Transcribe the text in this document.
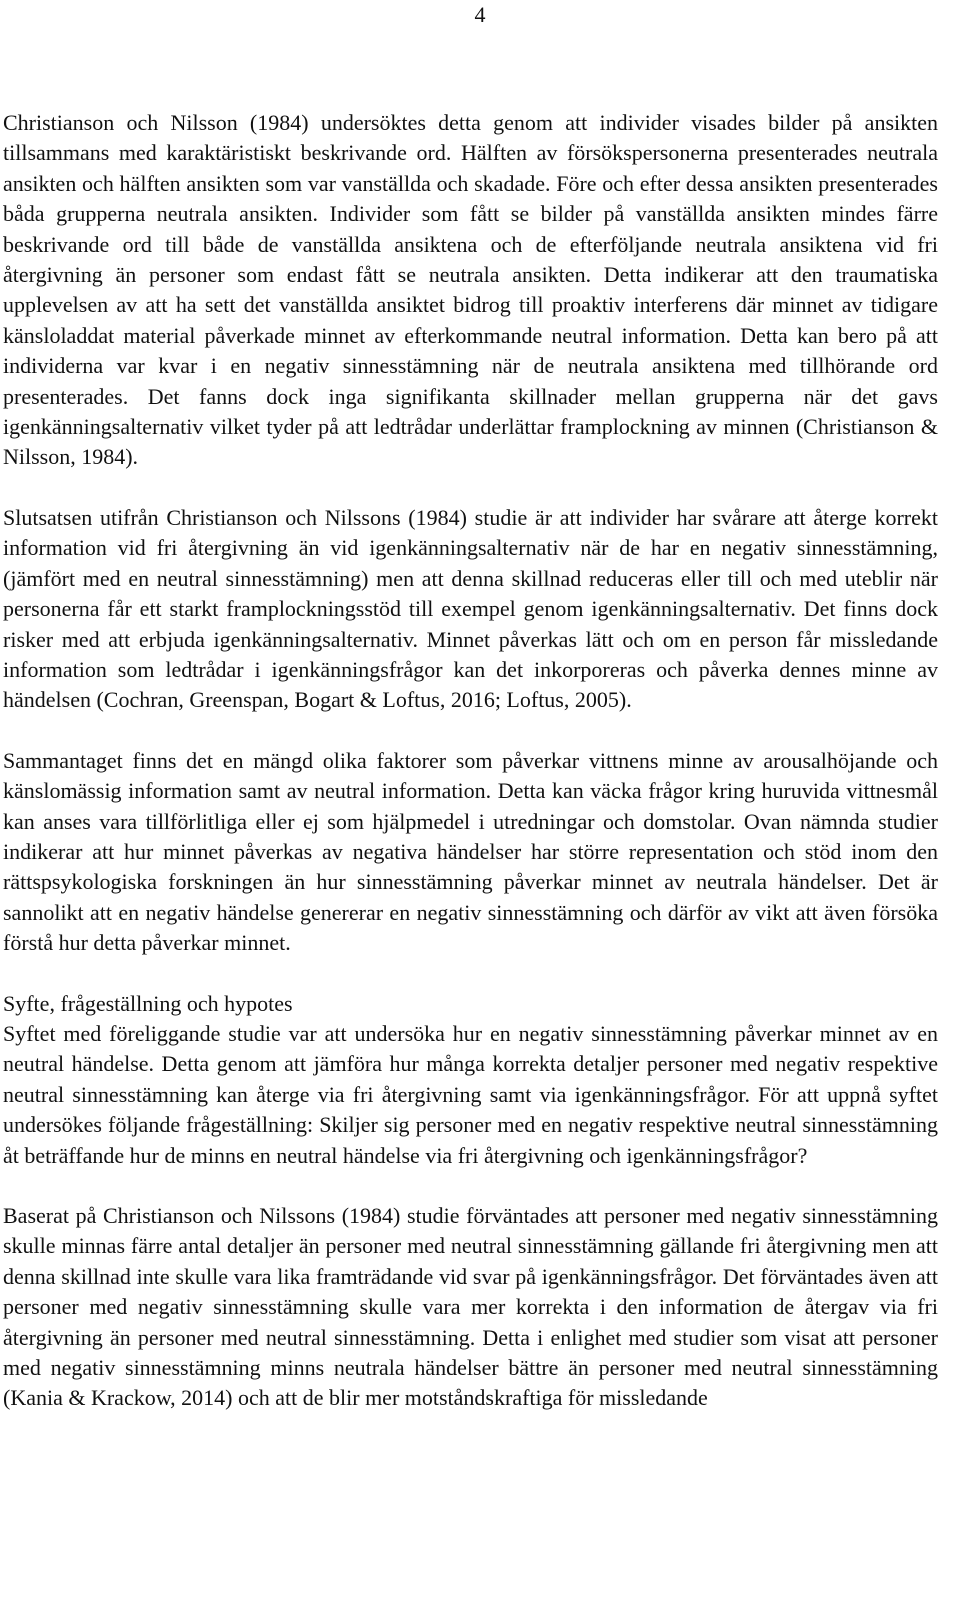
4

Christianson och Nilsson (1984) undersöktes detta genom att individer visades bilder på ansikten tillsammans med karaktäristiskt beskrivande ord. Hälften av försökspersonerna presenterades neutrala ansikten och hälften ansikten som var vanställda och skadade. Före och efter dessa ansikten presenterades båda grupperna neutrala ansikten. Individer som fått se bilder på vanställda ansikten mindes färre beskrivande ord till både de vanställda ansiktena och de efterföljande neutrala ansiktena vid fri återgivning än personer som endast fått se neutrala ansikten. Detta indikerar att den traumatiska upplevelsen av att ha sett det vanställda ansiktet bidrog till proaktiv interferens där minnet av tidigare känsloladdat material påverkade minnet av efterkommande neutral information. Detta kan bero på att individerna var kvar i en negativ sinnesstämning när de neutrala ansiktena med tillhörande ord presenterades. Det fanns dock inga signifikanta skillnader mellan grupperna när det gavs igenkänningsalternativ vilket tyder på att ledtrådar underlättar framplockning av minnen (Christianson & Nilsson, 1984).

Slutsatsen utifrån Christianson och Nilssons (1984) studie är att individer har svårare att återge korrekt information vid fri återgivning än vid igenkänningsalternativ när de har en negativ sinnesstämning, (jämfört med en neutral sinnesstämning) men att denna skillnad reduceras eller till och med uteblir när personerna får ett starkt framplockningsstöd till exempel genom igenkänningsalternativ. Det finns dock risker med att erbjuda igenkänningsalternativ. Minnet påverkas lätt och om en person får missledande information som ledtrådar i igenkänningsfrågor kan det inkorporeras och påverka dennes minne av händelsen (Cochran, Greenspan, Bogart & Loftus, 2016; Loftus, 2005).

Sammantaget finns det en mängd olika faktorer som påverkar vittnens minne av arousalhöjande och känslomässig information samt av neutral information. Detta kan väcka frågor kring huruvida vittnesmål kan anses vara tillförlitliga eller ej som hjälpmedel i utredningar och domstolar. Ovan nämnda studier indikerar att hur minnet påverkas av negativa händelser har större representation och stöd inom den rättspsykologiska forskningen än hur sinnesstämning påverkar minnet av neutrala händelser. Det är sannolikt att en negativ händelse genererar en negativ sinnesstämning och därför av vikt att även försöka förstå hur detta påverkar minnet.

Syfte, frågeställning och hypotes

Syftet med föreliggande studie var att undersöka hur en negativ sinnesstämning påverkar minnet av en neutral händelse. Detta genom att jämföra hur många korrekta detaljer personer med negativ respektive neutral sinnesstämning kan återge via fri återgivning samt via igenkänningsfrågor. För att uppnå syftet undersökes följande frågeställning: Skiljer sig personer med en negativ respektive neutral sinnesstämning åt beträffande hur de minns en neutral händelse via fri återgivning och igenkänningsfrågor?

Baserat på Christianson och Nilssons (1984) studie förväntades att personer med negativ sinnesstämning skulle minnas färre antal detaljer än personer med neutral sinnesstämning gällande fri återgivning men att denna skillnad inte skulle vara lika framträdande vid svar på igenkänningsfrågor. Det förväntades även att personer med negativ sinnesstämning skulle vara mer korrekta i den information de återgav via fri återgivning än personer med neutral sinnesstämning. Detta i enlighet med studier som visat att personer med negativ sinnesstämning minns neutrala händelser bättre än personer med neutral sinnesstämning (Kania & Krackow, 2014) och att de blir mer motståndskraftiga för missledande
